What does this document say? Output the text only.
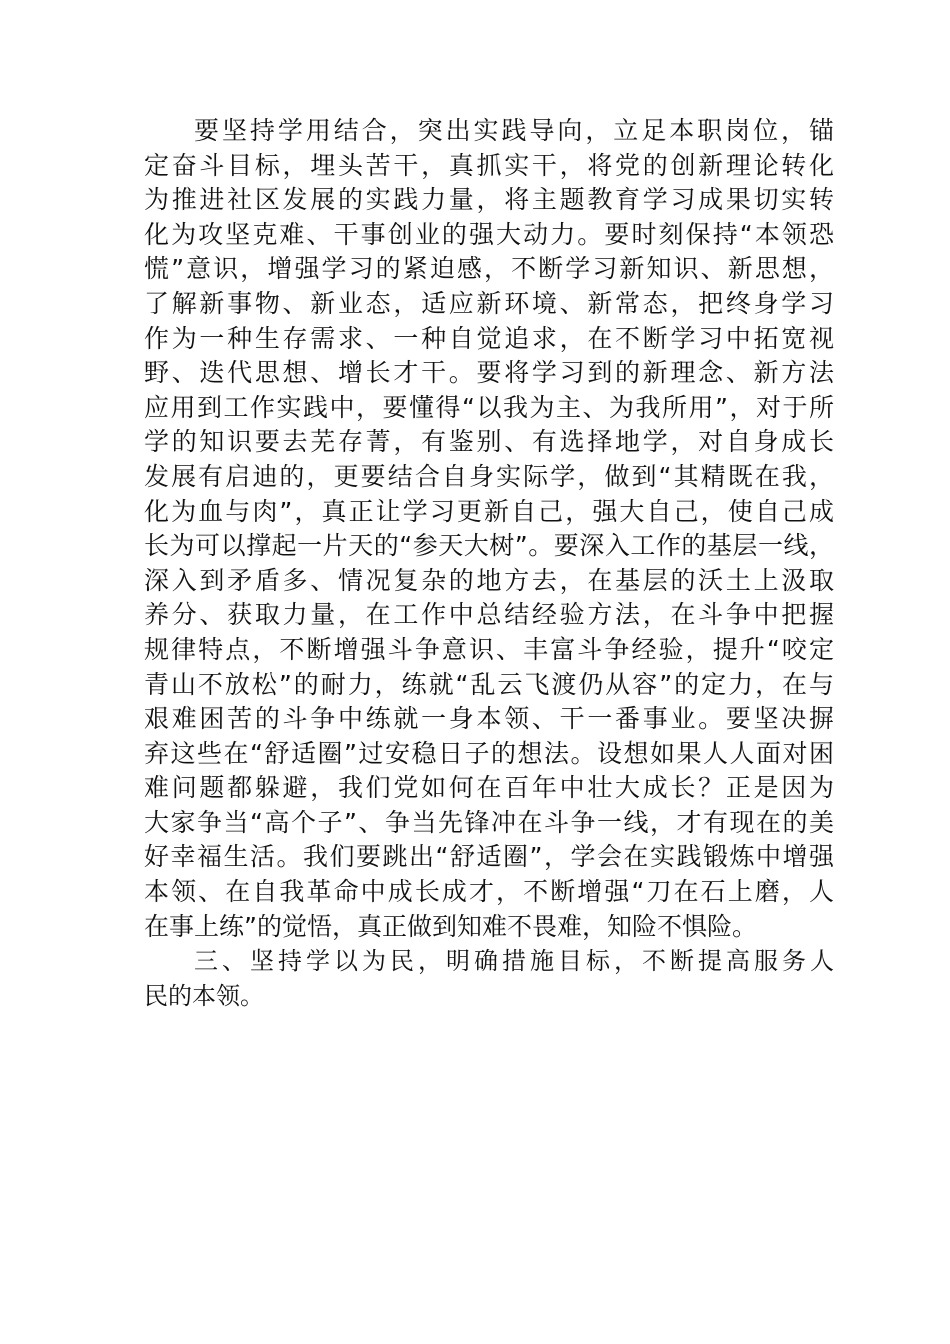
要坚持学用结合，突出实践导向，立足本职岗位，锚
定奋斗目标，埋头苦干，真抓实干，将党的创新理论转化
为推进社区发展的实践力量，将主题教育学习成果切实转
化为攻坚克难、干事创业的强大动力。要时刻保持“本领恐
慌”意识，增强学习的紧迫感，不断学习新知识、新思想，
了解新事物、新业态，适应新环境、新常态，把终身学习
作为一种生存需求、一种自觉追求，在不断学习中拓宽视
野、迭代思想、增长才干。要将学习到的新理念、新方法
应用到工作实践中，要懂得“以我为主、为我所用”，对于所
学的知识要去芜存菁，有鉴别、有选择地学，对自身成长
发展有启迪的，更要结合自身实际学，做到“其精既在我，
化为血与肉”，真正让学习更新自己，强大自己，使自己成
长为可以撑起一片天的“参天大树”。要深入工作的基层一线，
深入到矛盾多、情况复杂的地方去，在基层的沃土上汲取
养分、获取力量，在工作中总结经验方法，在斗争中把握
规律特点，不断增强斗争意识、丰富斗争经验，提升“咬定
青山不放松”的耐力，练就“乱云飞渡仍从容”的定力，在与
艰难困苦的斗争中练就一身本领、干一番事业。要坚决摒
弃这些在“舒适圈”过安稳日子的想法。设想如果人人面对困
难问题都躲避，我们党如何在百年中壮大成长？正是因为
大家争当“高个子”、争当先锋冲在斗争一线，才有现在的美
好幸福生活。我们要跳出“舒适圈”，学会在实践锻炼中增强
本领、在自我革命中成长成才，不断增强“刀在石上磨，人
在事上练”的觉悟，真正做到知难不畏难，知险不惧险。
三、坚持学以为民，明确措施目标，不断提高服务人
民的本领。
